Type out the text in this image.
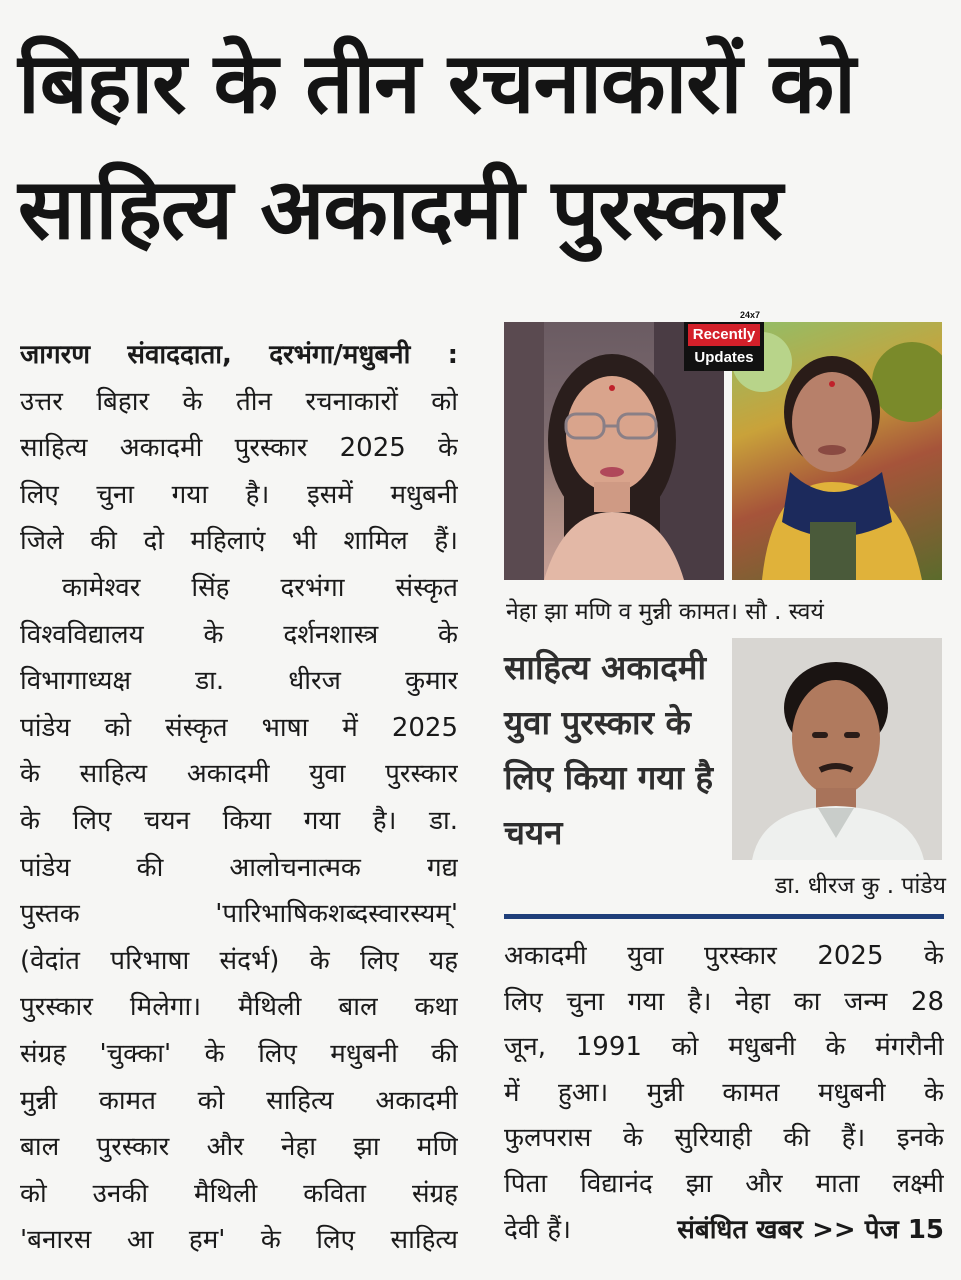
बिहार के तीन रचनाकारों को
साहित्य अकादमी पुरस्कार
जागरण संवाददाता, दरभंगा/मधुबनी :
उत्तर बिहार के तीन रचनाकारों को
साहित्य अकादमी पुरस्कार 2025 के
लिए चुना गया है। इसमें मधुबनी
जिले की दो महिलाएं भी शामिल हैं।
कामेश्वर सिंह दरभंगा संस्कृत
विश्वविद्यालय के दर्शनशास्त्र के
विभागाध्यक्ष डा. धीरज कुमार
पांडेय को संस्कृत भाषा में 2025
के साहित्य अकादमी युवा पुरस्कार
के लिए चयन किया गया है। डा.
पांडेय की आलोचनात्मक गद्य
पुस्तक 'पारिभाषिकशब्दस्वारस्यम्'
(वेदांत परिभाषा संदर्भ) के लिए यह
पुरस्कार मिलेगा। मैथिली बाल कथा
संग्रह 'चुक्का' के लिए मधुबनी की
मुन्नी कामत को साहित्य अकादमी
बाल पुरस्कार और नेहा झा मणि
को उनकी मैथिली कविता संग्रह
'बनारस आ हम' के लिए साहित्य
24x7
Recently
Updates
नेहा झा मणि व मुन्नी कामत। सौ . स्वयं
साहित्य अकादमी युवा पुरस्कार के लिए किया गया है चयन
डा. धीरज कु . पांडेय
अकादमी युवा पुरस्कार 2025 के
लिए चुना गया है। नेहा का जन्म 28
जून, 1991 को मधुबनी के मंगरौनी
में हुआ। मुन्नी कामत मधुबनी के
फुलपरास के सुरियाही की हैं। इनके
पिता विद्यानंद झा और माता लक्ष्मी
देवी हैं।	संबंधित खबर >> पेज 15
